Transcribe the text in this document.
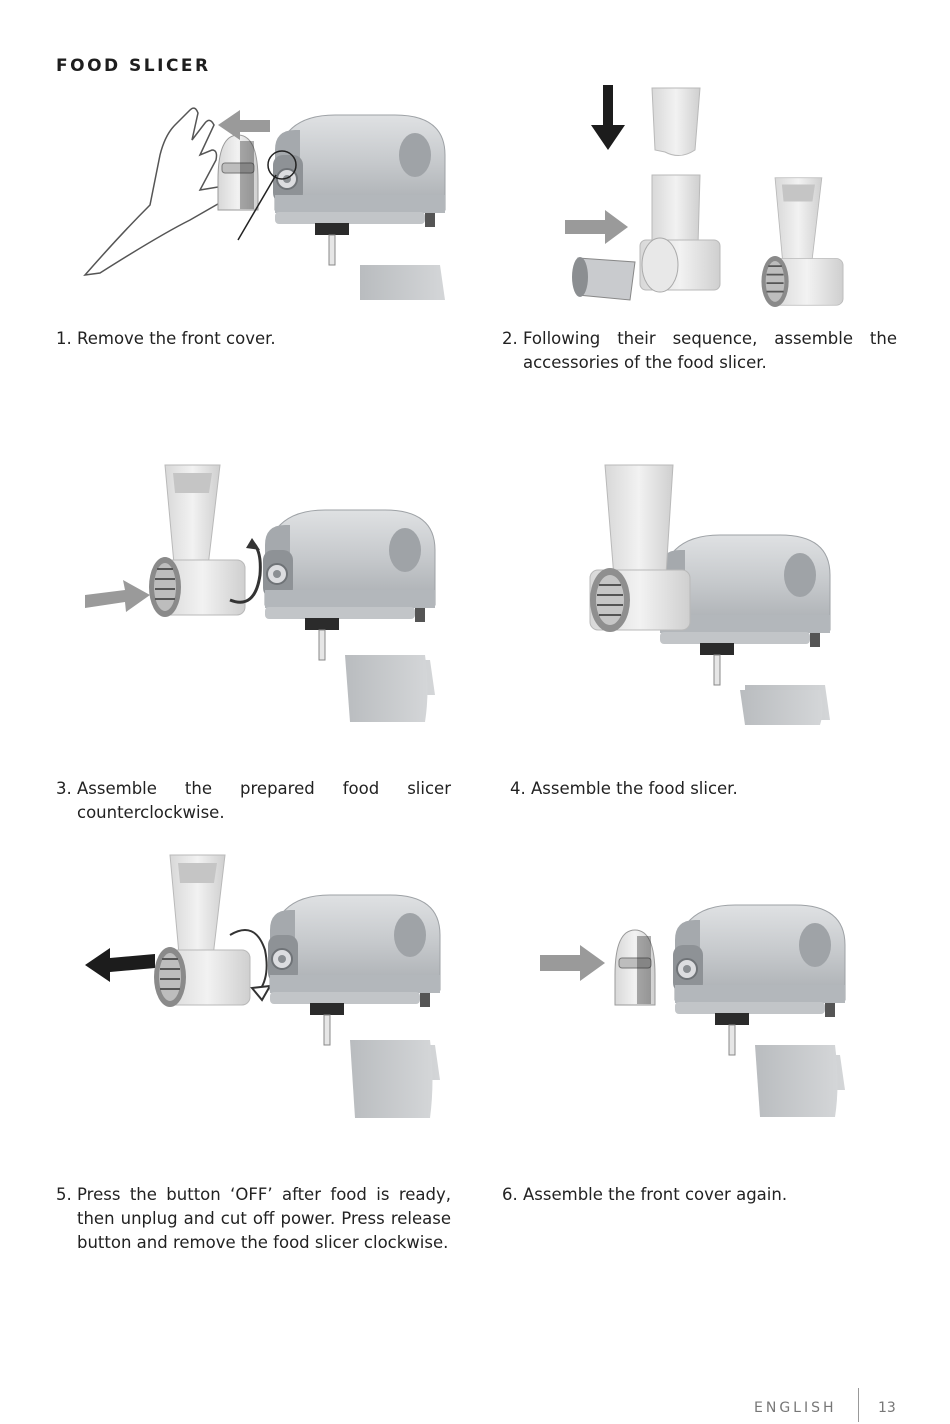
FOOD SLICER
1. Remove the front cover.	2. Following their sequence, assemble the accessories of the food slicer.
3. Assemble the prepared food slicer counterclockwise.
4. Assemble the food slicer.
5. Press the button ‘OFF’ after food is ready, then unplug and cut off power. Press release button and remove the food slicer clockwise.
6. Assemble the front cover again.
ENGLISH	13
